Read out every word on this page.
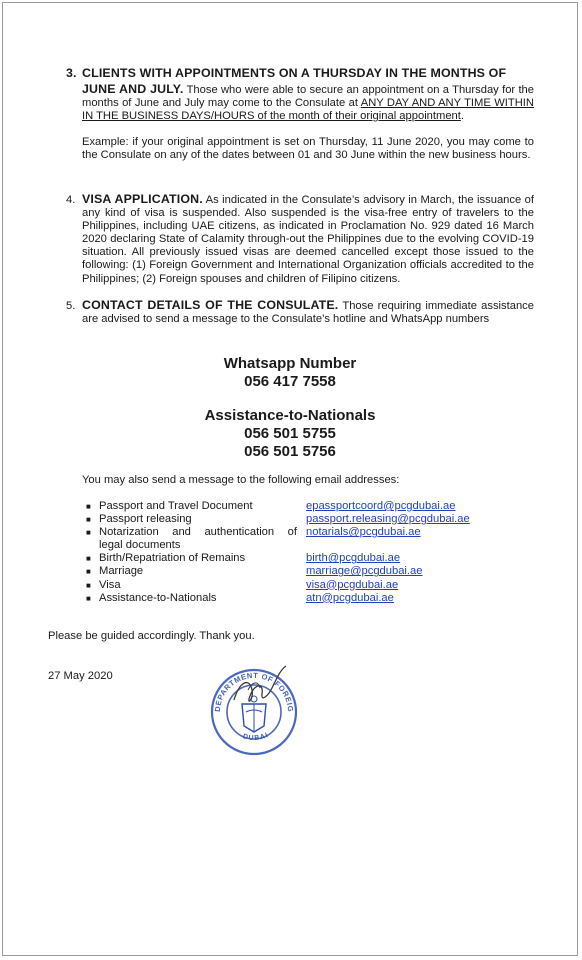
3. CLIENTS WITH APPOINTMENTS ON A THURSDAY IN THE MONTHS OF
JUNE AND JULY. Those who were able to secure an appointment on a Thursday for the months of June and July may come to the Consulate at ANY DAY AND ANY TIME WITHIN IN THE BUSINESS DAYS/HOURS of the month of their original appointment.
Example: if your original appointment is set on Thursday, 11 June 2020, you may come to the Consulate on any of the dates between 01 and 30 June within the new business hours.
4. VISA APPLICATION. As indicated in the Consulate’s advisory in March, the issuance of any kind of visa is suspended. Also suspended is the visa-free entry of travelers to the Philippines, including UAE citizens, as indicated in Proclamation No. 929 dated 16 March 2020 declaring State of Calamity through-out the Philippines due to the evolving COVID-19 situation. All previously issued visas are deemed cancelled except those issued to the following: (1) Foreign Government and International Organization officials accredited to the Philippines; (2) Foreign spouses and children of Filipino citizens.
5. CONTACT DETAILS OF THE CONSULATE. Those requiring immediate assistance are advised to send a message to the Consulate’s hotline and WhatsApp numbers
Whatsapp Number
056 417 7558
Assistance-to-Nationals
056 501 5755
056 501 5756
You may also send a message to the following email addresses:
■ Passport and Travel Document	epassportcoord@pcgdubai.ae
■ Passport releasing	passport.releasing@pcgdubai.ae
■ Notarization and authentication of
legal documents
notarials@pcgdubai.ae
■ Birth/Repatriation of Remains	birth@pcgdubai.ae
■ Marriage	marriage@pcgdubai.ae
■ Visa	visa@pcgdubai.ae
■ Assistance-to-Nationals	atn@pcgdubai.ae
Please be guided accordingly. Thank you.
27 May 2020
DEPARTMENT OF FOREIG
DUBAI
